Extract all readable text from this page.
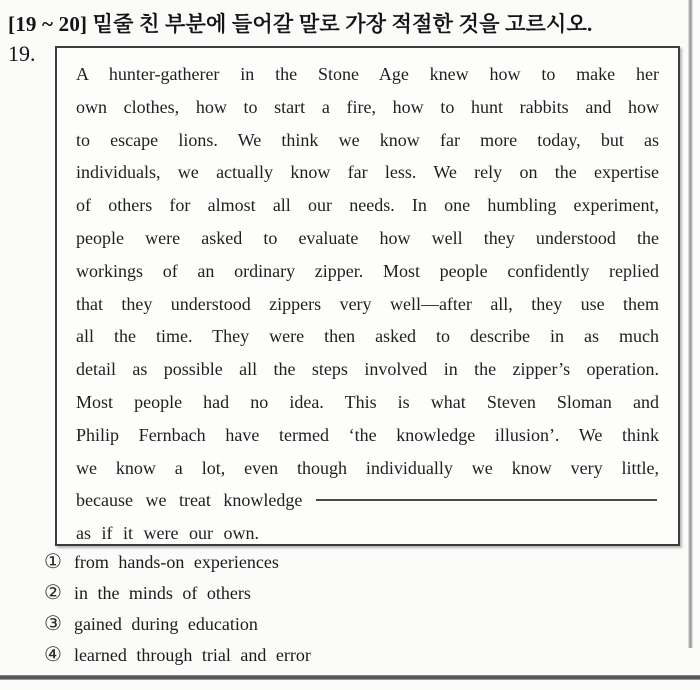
[19 ~ 20] 밑줄 친 부분에 들어갈 말로 가장 적절한 것을 고르시오.
19.
A hunter-gatherer in the Stone Age knew how to make her
own clothes, how to start a fire, how to hunt rabbits and how
to escape lions. We think we know far more today, but as
individuals, we actually know far less. We rely on the expertise
of others for almost all our needs. In one humbling experiment,
people were asked to evaluate how well they understood the
workings of an ordinary zipper. Most people confidently replied
that they understood zippers very well—after all, they use them
all the time. They were then asked to describe in as much
detail as possible all the steps involved in the zipper’s operation.
Most people had no idea. This is what Steven Sloman and
Philip Fernbach have termed ‘the knowledge illusion’. We think
we know a lot, even though individually we know very little,
because we treat knowledge
as if it were our own.
① from hands-on experiences
② in the minds of others
③ gained during education
④ learned through trial and error
